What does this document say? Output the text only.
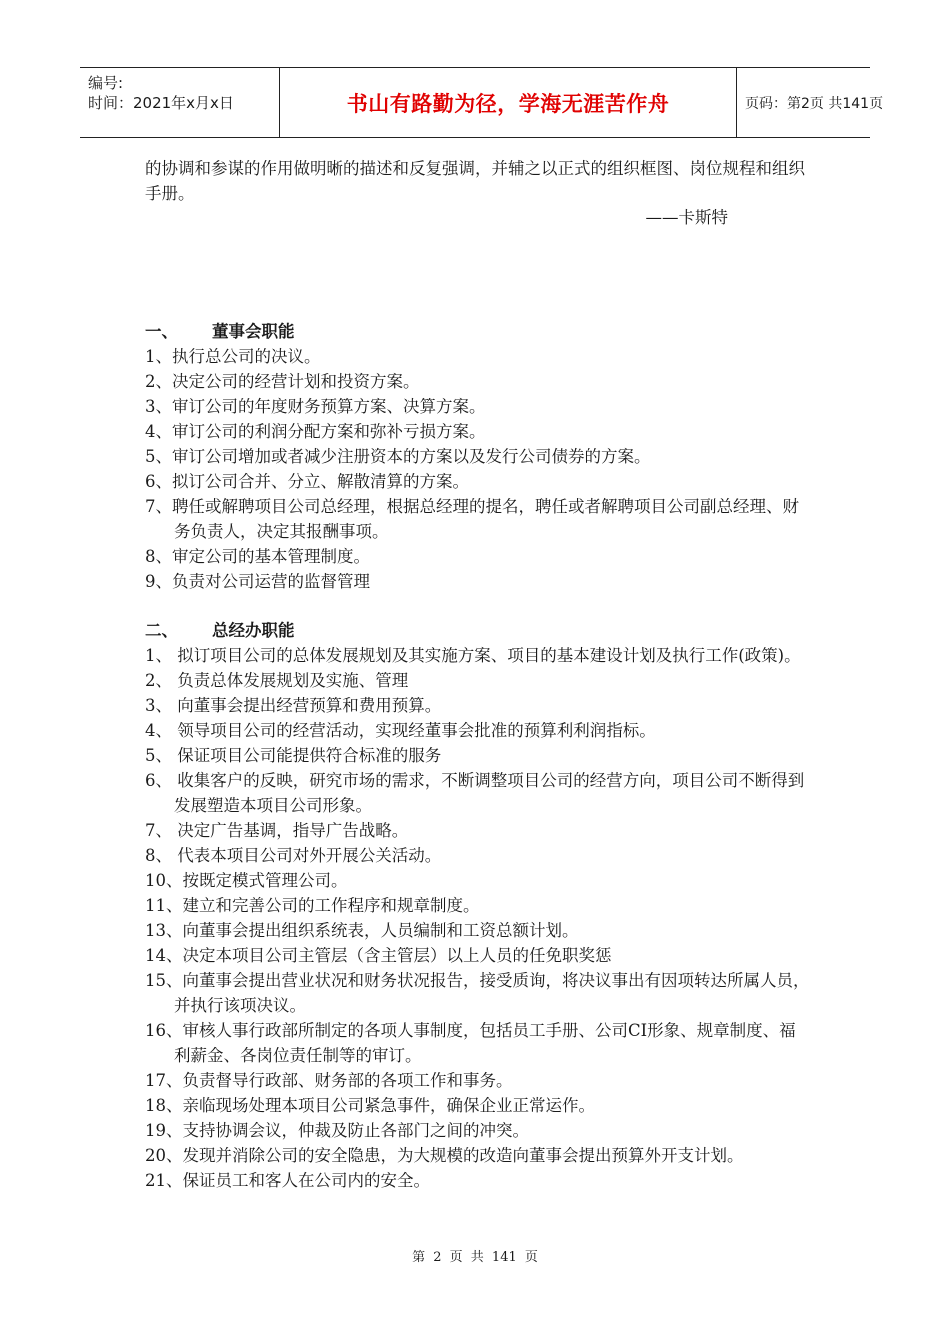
编号:
时间：2021年x月x日	书山有路勤为径，学海无涯苦作舟	页码：第2页 共141页
的协调和参谋的作用做明晰的描述和反复强调，并辅之以正式的组织框图、岗位规程和组织手册。
——卡斯特
一、 董事会职能
1、执行总公司的决议。
2、决定公司的经营计划和投资方案。
3、审订公司的年度财务预算方案、决算方案。
4、审订公司的利润分配方案和弥补亏损方案。
5、审订公司增加或者减少注册资本的方案以及发行公司债券的方案。
6、拟订公司合并、分立、解散清算的方案。
7、聘任或解聘项目公司总经理，根据总经理的提名，聘任或者解聘项目公司副总经理、财务负责人，决定其报酬事项。
8、审定公司的基本管理制度。
9、负责对公司运营的监督管理
二、 总经办职能
1、 拟订项目公司的总体发展规划及其实施方案、项目的基本建设计划及执行工作(政策)。
2、 负责总体发展规划及实施、管理
3、 向董事会提出经营预算和费用预算。
4、 领导项目公司的经营活动，实现经董事会批准的预算利利润指标。
5、 保证项目公司能提供符合标准的服务
6、 收集客户的反映，研究市场的需求，不断调整项目公司的经营方向，项目公司不断得到发展塑造本项目公司形象。
7、 决定广告基调，指导广告战略。
8、 代表本项目公司对外开展公关活动。
10、按既定模式管理公司。
11、建立和完善公司的工作程序和规章制度。
13、向董事会提出组织系统表，人员编制和工资总额计划。
14、决定本项目公司主管层（含主管层）以上人员的任免职奖惩
15、向董事会提出营业状况和财务状况报告，接受质询，将决议事出有因项转达所属人员，并执行该项决议。
16、审核人事行政部所制定的各项人事制度，包括员工手册、公司CI形象、规章制度、福利薪金、各岗位责任制等的审订。
17、负责督导行政部、财务部的各项工作和事务。
18、亲临现场处理本项目公司紧急事件，确保企业正常运作。
19、支持协调会议，仲裁及防止各部门之间的冲突。
20、发现并消除公司的安全隐患，为大规模的改造向董事会提出预算外开支计划。
21、保证员工和客人在公司内的安全。
第 2 页 共 141 页
